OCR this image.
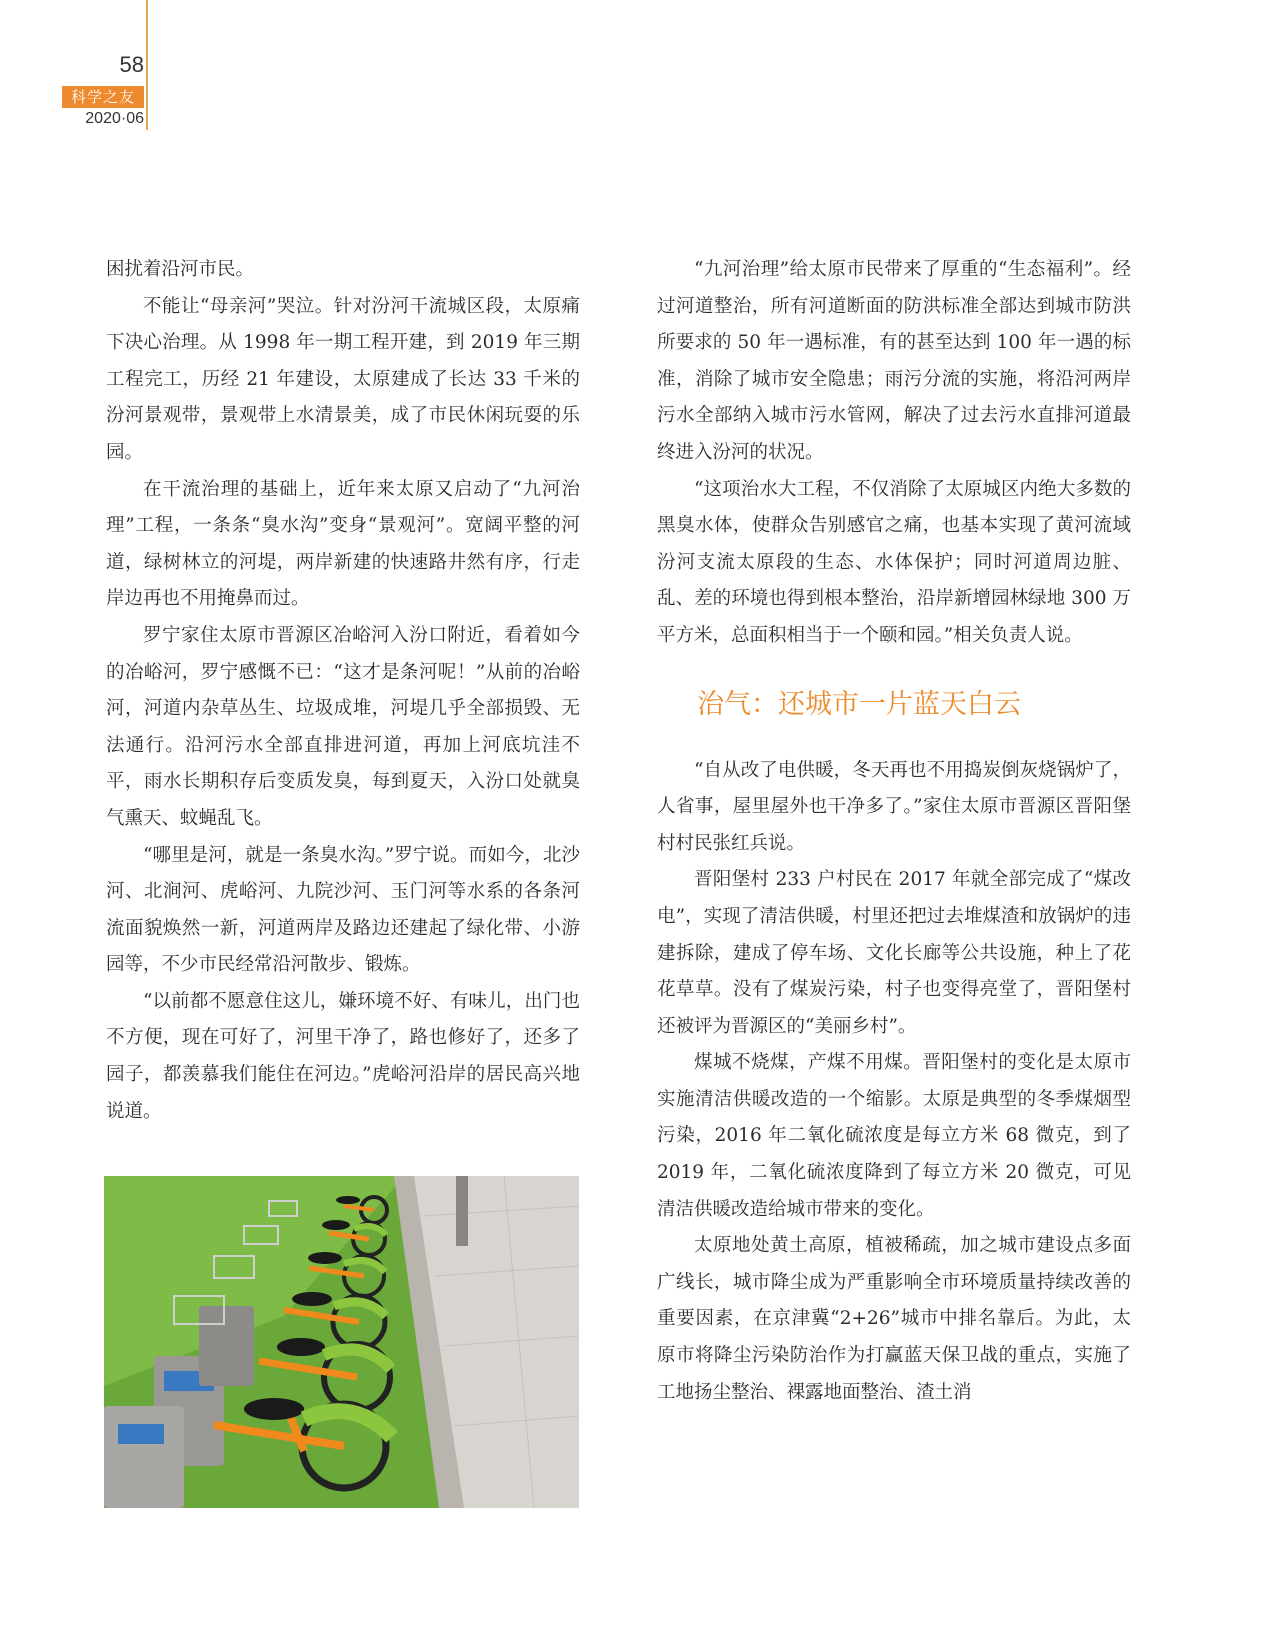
58
科学之友
2020·06

困扰着沿河市民。

不能让“母亲河”哭泣。针对汾河干流城区段，太原痛下决心治理。从 1998 年一期工程开建，到 2019 年三期工程完工，历经 21 年建设，太原建成了长达 33 千米的汾河景观带，景观带上水清景美，成了市民休闲玩耍的乐园。

在干流治理的基础上，近年来太原又启动了“九河治理”工程，一条条“臭水沟”变身“景观河”。宽阔平整的河道，绿树林立的河堤，两岸新建的快速路井然有序，行走岸边再也不用掩鼻而过。

罗宁家住太原市晋源区冶峪河入汾口附近，看着如今的冶峪河，罗宁感慨不已：“这才是条河呢！”从前的冶峪河，河道内杂草丛生、垃圾成堆，河堤几乎全部损毁、无法通行。沿河污水全部直排进河道，再加上河底坑洼不平，雨水长期积存后变质发臭，每到夏天，入汾口处就臭气熏天、蚊蝇乱飞。

“哪里是河，就是一条臭水沟。”罗宁说。而如今，北沙河、北涧河、虎峪河、九院沙河、玉门河等水系的各条河流面貌焕然一新，河道两岸及路边还建起了绿化带、小游园等，不少市民经常沿河散步、锻炼。

“以前都不愿意住这儿，嫌环境不好、有味儿，出门也不方便，现在可好了，河里干净了，路也修好了，还多了园子，都羡慕我们能住在河边。”虎峪河沿岸的居民高兴地说道。

“九河治理”给太原市民带来了厚重的“生态福利”。经过河道整治，所有河道断面的防洪标准全部达到城市防洪所要求的 50 年一遇标准，有的甚至达到 100 年一遇的标准，消除了城市安全隐患；雨污分流的实施，将沿河两岸污水全部纳入城市污水管网，解决了过去污水直排河道最终进入汾河的状况。

“这项治水大工程，不仅消除了太原城区内绝大多数的黑臭水体，使群众告别感官之痛，也基本实现了黄河流域汾河支流太原段的生态、水体保护；同时河道周边脏、乱、差的环境也得到根本整治，沿岸新增园林绿地 300 万平方米，总面积相当于一个颐和园。”相关负责人说。

治气：还城市一片蓝天白云

“自从改了电供暖，冬天再也不用捣炭倒灰烧锅炉了，人省事，屋里屋外也干净多了。”家住太原市晋源区晋阳堡村村民张红兵说。

晋阳堡村 233 户村民在 2017 年就全部完成了“煤改电”，实现了清洁供暖，村里还把过去堆煤渣和放锅炉的违建拆除，建成了停车场、文化长廊等公共设施，种上了花花草草。没有了煤炭污染，村子也变得亮堂了，晋阳堡村还被评为晋源区的“美丽乡村”。

煤城不烧煤，产煤不用煤。晋阳堡村的变化是太原市实施清洁供暖改造的一个缩影。太原是典型的冬季煤烟型污染，2016 年二氧化硫浓度是每立方米 68 微克，到了 2019 年，二氧化硫浓度降到了每立方米 20 微克，可见清洁供暖改造给城市带来的变化。

太原地处黄土高原，植被稀疏，加之城市建设点多面广线长，城市降尘成为严重影响全市环境质量持续改善的重要因素，在京津冀“2+26”城市中排名靠后。为此，太原市将降尘污染防治作为打赢蓝天保卫战的重点，实施了工地扬尘整治、裸露地面整治、渣土消
